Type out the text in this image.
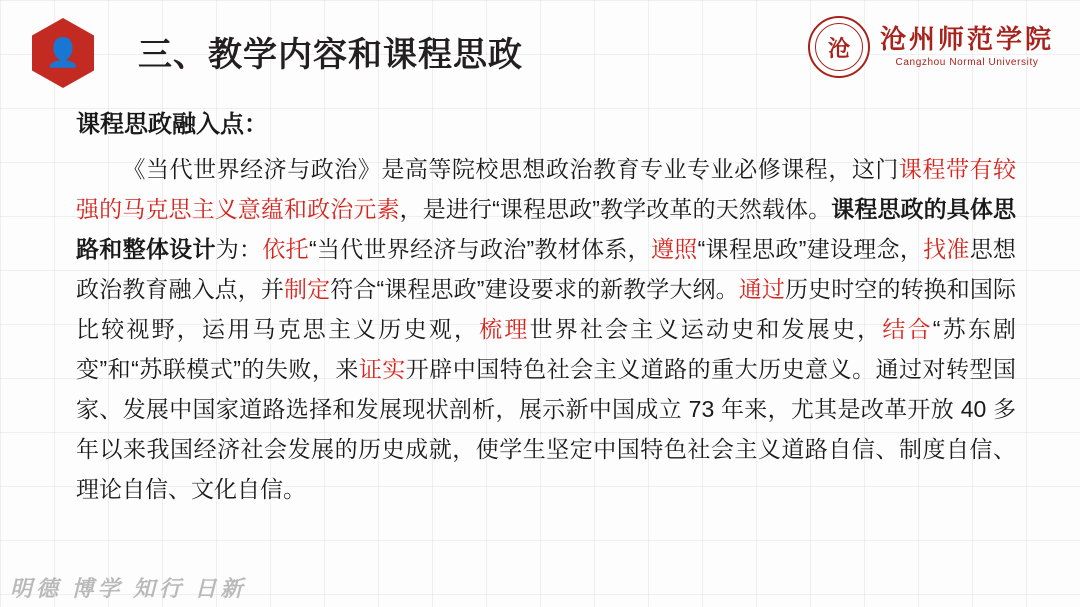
👤	三、教学内容和课程思政	沧	沧州师范学院
Cangzhou Normal University
课程思政融入点：
《当代世界经济与政治》是高等院校思想政治教育专业专业必修课程，这门课程带有较强的马克思主义意蕴和政治元素，是进行“课程思政”教学改革的天然载体。课程思政的具体思路和整体设计为：依托“当代世界经济与政治”教材体系，遵照“课程思政”建设理念，找准思想政治教育融入点，并制定符合“课程思政”建设要求的新教学大纲。通过历史时空的转换和国际比较视野，运用马克思主义历史观，梳理世界社会主义运动史和发展史，结合“苏东剧变”和“苏联模式”的失败，来证实开辟中国特色社会主义道路的重大历史意义。通过对转型国家、发展中国家道路选择和发展现状剖析，展示新中国成立 73 年来，尤其是改革开放 40 多年以来我国经济社会发展的历史成就，使学生坚定中国特色社会主义道路自信、制度自信、理论自信、文化自信。
明德 博学 知行 日新
